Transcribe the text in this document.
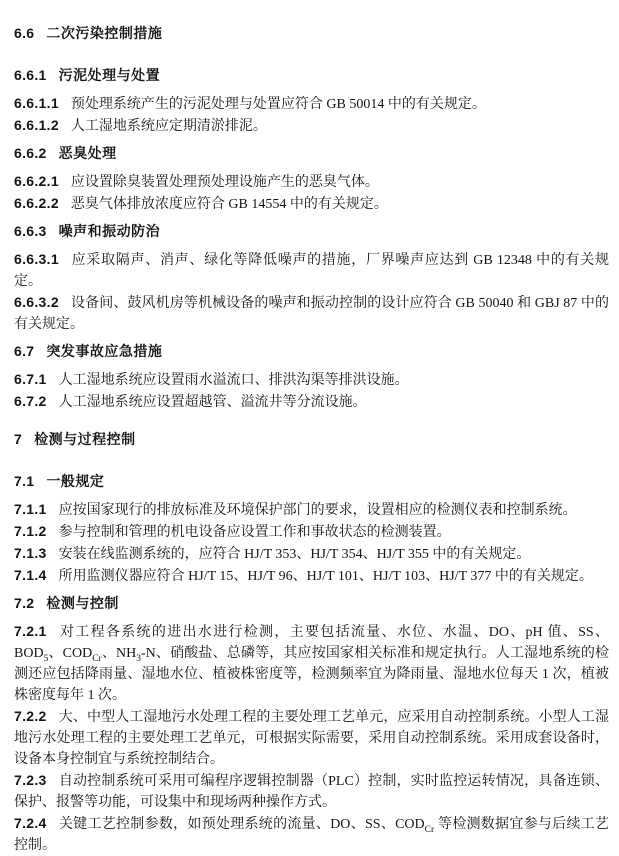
6.6 二次污染控制措施
6.6.1 污泥处理与处置
6.6.1.1 预处理系统产生的污泥处理与处置应符合 GB 50014 中的有关规定。
6.6.1.2 人工湿地系统应定期清淤排泥。
6.6.2 恶臭处理
6.6.2.1 应设置除臭装置处理预处理设施产生的恶臭气体。
6.6.2.2 恶臭气体排放浓度应符合 GB 14554 中的有关规定。
6.6.3 噪声和振动防治
6.6.3.1 应采取隔声、消声、绿化等降低噪声的措施，厂界噪声应达到 GB 12348 中的有关规定。
6.6.3.2 设备间、鼓风机房等机械设备的噪声和振动控制的设计应符合 GB 50040 和 GBJ 87 中的有关规定。
6.7 突发事故应急措施
6.7.1 人工湿地系统应设置雨水溢流口、排洪沟渠等排洪设施。
6.7.2 人工湿地系统应设置超越管、溢流井等分流设施。
7 检测与过程控制
7.1 一般规定
7.1.1 应按国家现行的排放标准及环境保护部门的要求，设置相应的检测仪表和控制系统。
7.1.2 参与控制和管理的机电设备应设置工作和事故状态的检测装置。
7.1.3 安装在线监测系统的，应符合 HJ/T 353、HJ/T 354、HJ/T 355 中的有关规定。
7.1.4 所用监测仪器应符合 HJ/T 15、HJ/T 96、HJ/T 101、HJ/T 103、HJ/T 377 中的有关规定。
7.2 检测与控制
7.2.1 对工程各系统的进出水进行检测，主要包括流量、水位、水温、DO、pH 值、SS、$BOD_5$、$COD_{Cr}$、$NH_3-N$、硝酸盐、总磷等，其应按国家相关标准和规定执行。人工湿地系统的检测还应包括降雨量、湿地水位、植被株密度等，检测频率宜为降雨量、湿地水位每天 1 次，植被株密度每年 1 次。
7.2.2 大、中型人工湿地污水处理工程的主要处理工艺单元，应采用自动控制系统。小型人工湿地污水处理工程的主要处理工艺单元，可根据实际需要，采用自动控制系统。采用成套设备时，设备本身控制宜与系统控制结合。
7.2.3 自动控制系统可采用可编程序逻辑控制器（PLC）控制，实时监控运转情况，具备连锁、保护、报警等功能，可设集中和现场两种操作方式。
7.2.4 关键工艺控制参数，如预处理系统的流量、DO、SS、$COD_{Cr}$ 等检测数据宜参与后续工艺控制。
